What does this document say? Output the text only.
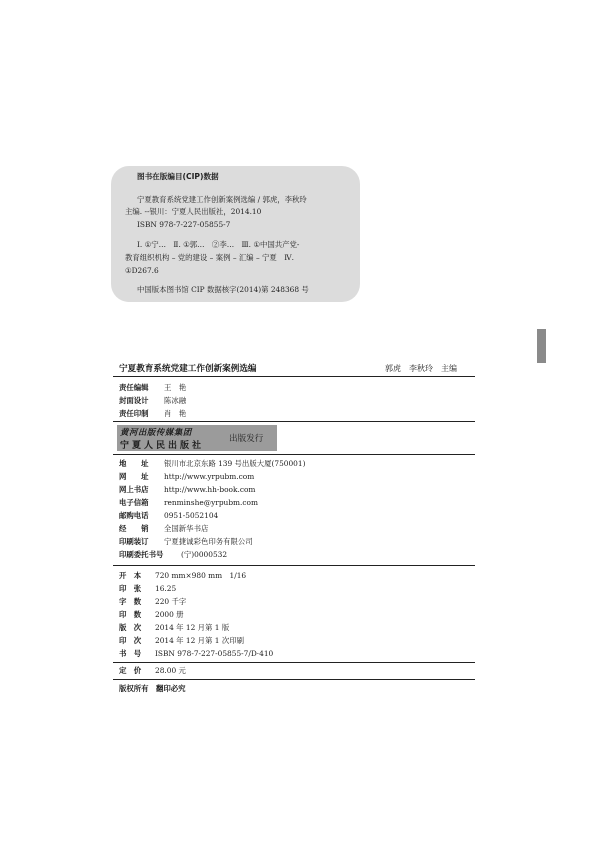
图书在版编目(CIP)数据
宁夏教育系统党建工作创新案例选编 / 郭虎，李秋玲
主编. --银川：宁夏人民出版社，2014.10
ISBN 978-7-227-05855-7
Ⅰ. ①宁…　Ⅱ. ①郭…　②李…　Ⅲ. ①中国共产党-
教育组织机构 – 党的建设 – 案例 – 汇编 – 宁夏　Ⅳ.
①D267.6
中国版本图书馆 CIP 数据核字(2014)第 248368 号
宁夏教育系统党建工作创新案例选编	郭虎　李秋玲　主编
责任编辑 王　艳
封面设计 陈冰融
责任印制 肖　艳
黄河出版传媒集团
宁夏人民出版社
出版发行
地　　址 银川市北京东路 139 号出版大厦(750001)
网　　址 http://www.yrpubm.com
网上书店 http://www.hh-book.com
电子信箱 renminshe@yrpubm.com
邮购电话 0951-5052104
经　　销 全国新华书店
印刷装订 宁夏捷诚彩色印务有限公司
印刷委托书号 (宁)0000532
开　本 720 mm×980 mm　1/16
印　张 16.25
字　数 220 千字
印　数 2000 册
版　次 2014 年 12 月第 1 版
印　次 2014 年 12 月第 1 次印刷
书　号 ISBN 978-7-227-05855-7/D·410
定　价 28.00 元
版权所有　翻印必究
